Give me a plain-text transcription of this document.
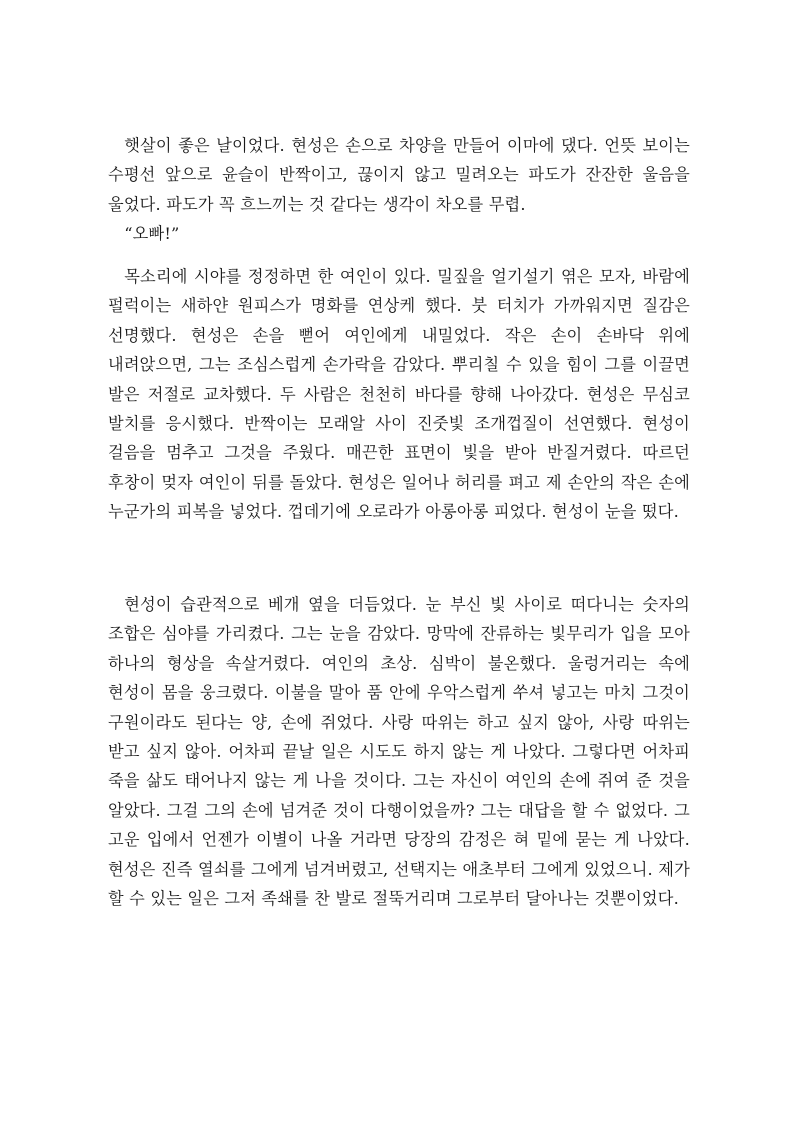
햇살이 좋은 날이었다. 현성은 손으로 차양을 만들어 이마에 댔다. 언뜻 보이는 수평선 앞으로 윤슬이 반짝이고, 끊이지 않고 밀려오는 파도가 잔잔한 울음을 울었다. 파도가 꼭 흐느끼는 것 같다는 생각이 차오를 무렵.

“오빠!”

목소리에 시야를 정정하면 한 여인이 있다. 밀짚을 얼기설기 엮은 모자, 바람에 펄럭이는 새하얀 원피스가 명화를 연상케 했다. 붓 터치가 가까워지면 질감은 선명했다. 현성은 손을 뻗어 여인에게 내밀었다. 작은 손이 손바닥 위에 내려앉으면, 그는 조심스럽게 손가락을 감았다. 뿌리칠 수 있을 힘이 그를 이끌면 발은 저절로 교차했다. 두 사람은 천천히 바다를 향해 나아갔다. 현성은 무심코 발치를 응시했다. 반짝이는 모래알 사이 진줏빛 조개껍질이 선연했다. 현성이 걸음을 멈추고 그것을 주웠다. 매끈한 표면이 빛을 받아 반질거렸다. 따르던 후창이 멎자 여인이 뒤를 돌았다. 현성은 일어나 허리를 펴고 제 손안의 작은 손에 누군가의 피복을 넣었다. 껍데기에 오로라가 아롱아롱 피었다. 현성이 눈을 떴다.

현성이 습관적으로 베개 옆을 더듬었다. 눈 부신 빛 사이로 떠다니는 숫자의 조합은 심야를 가리켰다. 그는 눈을 감았다. 망막에 잔류하는 빛무리가 입을 모아 하나의 형상을 속살거렸다. 여인의 초상. 심박이 불온했다. 울렁거리는 속에 현성이 몸을 웅크렸다. 이불을 말아 품 안에 우악스럽게 쑤셔 넣고는 마치 그것이 구원이라도 된다는 양, 손에 쥐었다. 사랑 따위는 하고 싶지 않아, 사랑 따위는 받고 싶지 않아. 어차피 끝날 일은 시도도 하지 않는 게 나았다. 그렇다면 어차피 죽을 삶도 태어나지 않는 게 나을 것이다. 그는 자신이 여인의 손에 쥐여 준 것을 알았다. 그걸 그의 손에 넘겨준 것이 다행이었을까? 그는 대답을 할 수 없었다. 그 고운 입에서 언젠가 이별이 나올 거라면 당장의 감정은 혀 밑에 묻는 게 나았다. 현성은 진즉 열쇠를 그에게 넘겨버렸고, 선택지는 애초부터 그에게 있었으니. 제가 할 수 있는 일은 그저 족쇄를 찬 발로 절뚝거리며 그로부터 달아나는 것뿐이었다.
